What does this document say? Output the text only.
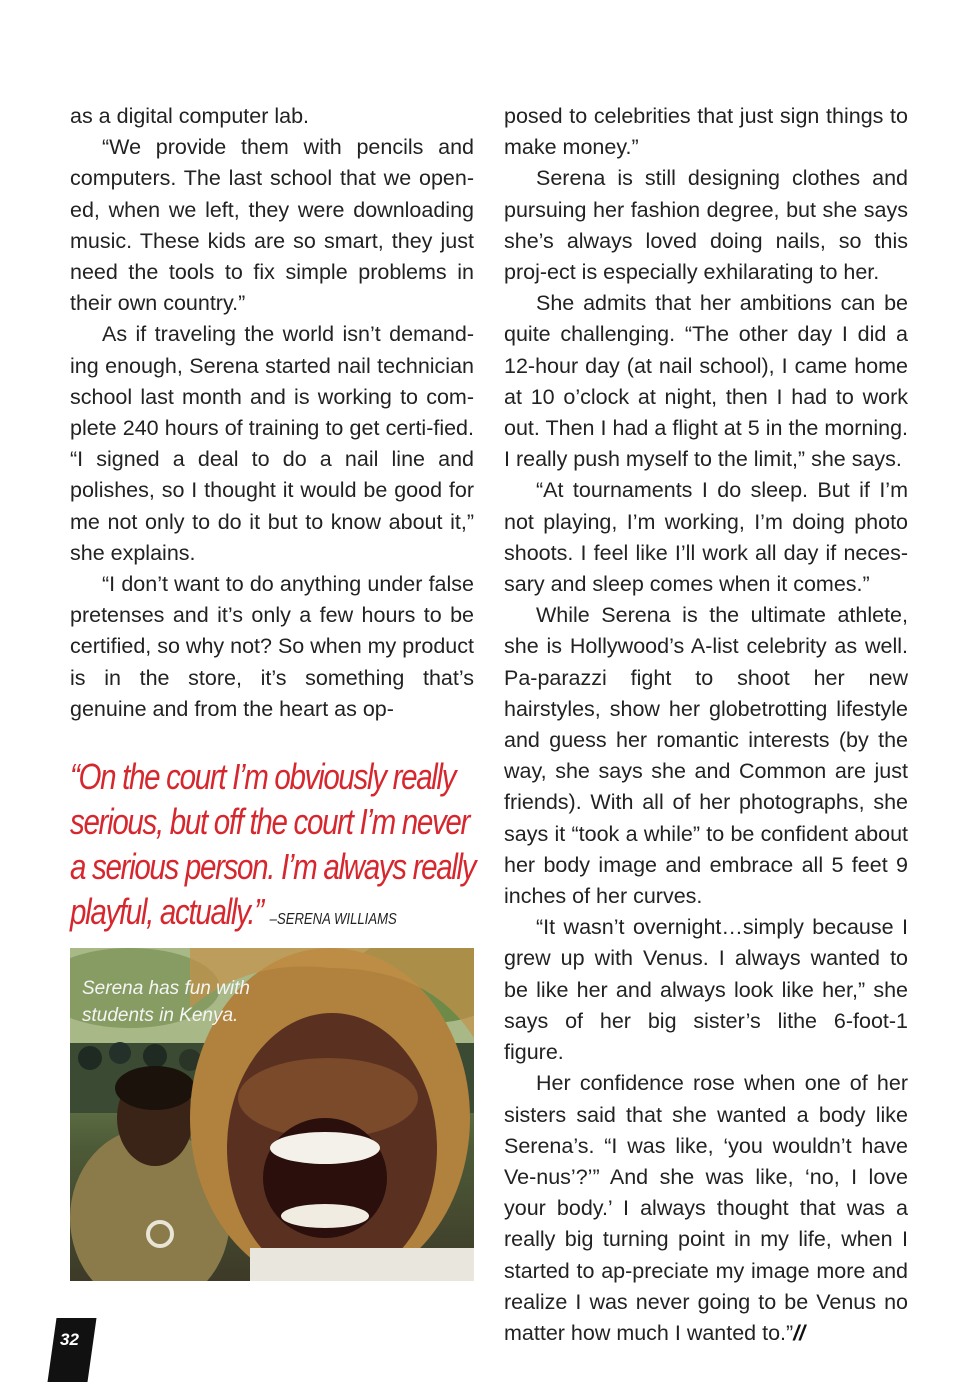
as a digital computer lab.

“We provide them with pencils and computers. The last school that we open-ed, when we left, they were downloading music. These kids are so smart, they just need the tools to fix simple problems in their own country.”

As if traveling the world isn’t demand-ing enough, Serena started nail technician school last month and is working to com-plete 240 hours of training to get certi-fied. “I signed a deal to do a nail line and polishes, so I thought it would be good for me not only to do it but to know about it,” she explains.

“I don’t want to do anything under false pretenses and it’s only a few hours to be certified, so why not? So when my product is in the store, it’s something that’s genuine and from the heart as op-

“On the court I’m obviously really serious, but off the court I’m never a serious person. I’m always really playful, actually.” –SERENA WILLIAMS
Serena has fun with
students in Kenya.

posed to celebrities that just sign things to make money.”

Serena is still designing clothes and pursuing her fashion degree, but she says she’s always loved doing nails, so this proj-ect is especially exhilarating to her.

She admits that her ambitions can be quite challenging. “The other day I did a 12-hour day (at nail school), I came home at 10 o’clock at night, then I had to work out. Then I had a flight at 5 in the morning. I really push myself to the limit,” she says.

“At tournaments I do sleep. But if I’m not playing, I’m working, I’m doing photo shoots. I feel like I’ll work all day if neces-sary and sleep comes when it comes.”

While Serena is the ultimate athlete, she is Hollywood’s A-list celebrity as well. Pa-parazzi fight to shoot her new hairstyles, show her globetrotting lifestyle and guess her romantic interests (by the way, she says she and Common are just friends). With all of her photographs, she says it “took a while” to be confident about her body image and embrace all 5 feet 9 inches of her curves.

“It wasn’t overnight…simply because I grew up with Venus. I always wanted to be like her and always look like her,” she says of her big sister’s lithe 6-foot-1 figure.

Her confidence rose when one of her sisters said that she wanted a body like Serena’s. “I was like, ‘you wouldn’t have Ve-nus’?’” And she was like, ‘no, I love your body.’ I always thought that was a really big turning point in my life, when I started to ap-preciate my image more and realize I was never going to be Venus no matter how much I wanted to.”//

32
